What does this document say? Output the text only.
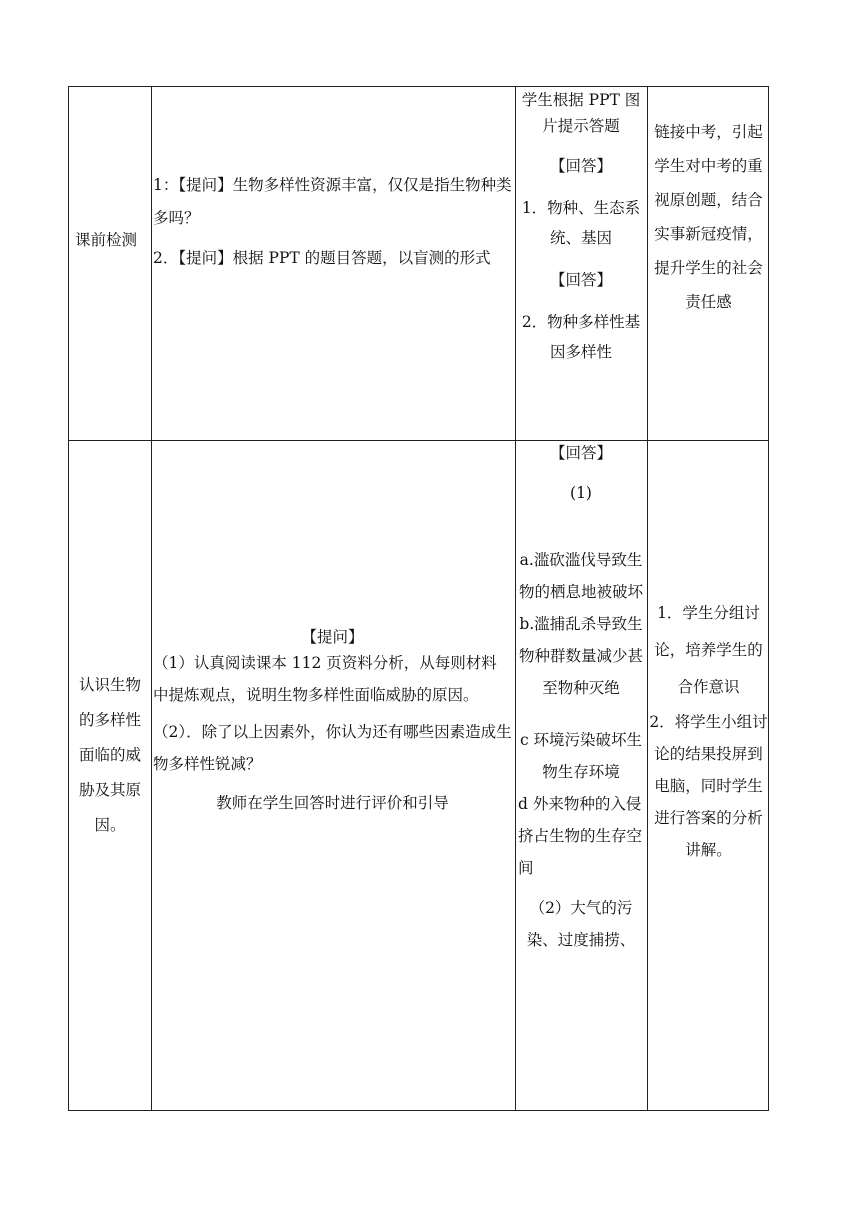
课前检测

1：【提问】生物多样性资源丰富，仅仅是指生物种类多吗？

2．【提问】根据 PPT 的题目答题，以盲测的形式

学生根据 PPT 图片提示答题

【回答】

1．物种、生态系统、基因

【回答】

2．物种多样性基因多样性

链接中考，引起学生对中考的重视原创题，结合实事新冠疫情，提升学生的社会责任感

认识生物的多样性面临的威胁及其原因。

【提问】

（1）认真阅读课本 112 页资料分析，从每则材料中提炼观点，说明生物多样性面临威胁的原因。

（2）．除了以上因素外，你认为还有哪些因素造成生物多样性锐减？

教师在学生回答时进行评价和引导

【回答】

(1)

a.滥砍滥伐导致生物的栖息地被破坏 b.滥捕乱杀导致生物种群数量减少甚至物种灭绝

c 环境污染破坏生物生存环境

d 外来物种的入侵挤占生物的生存空间

（2）大气的污染、过度捕捞、

1．学生分组讨论，培养学生的合作意识

2．将学生小组讨论的结果投屏到电脑，同时学生进行答案的分析讲解。
